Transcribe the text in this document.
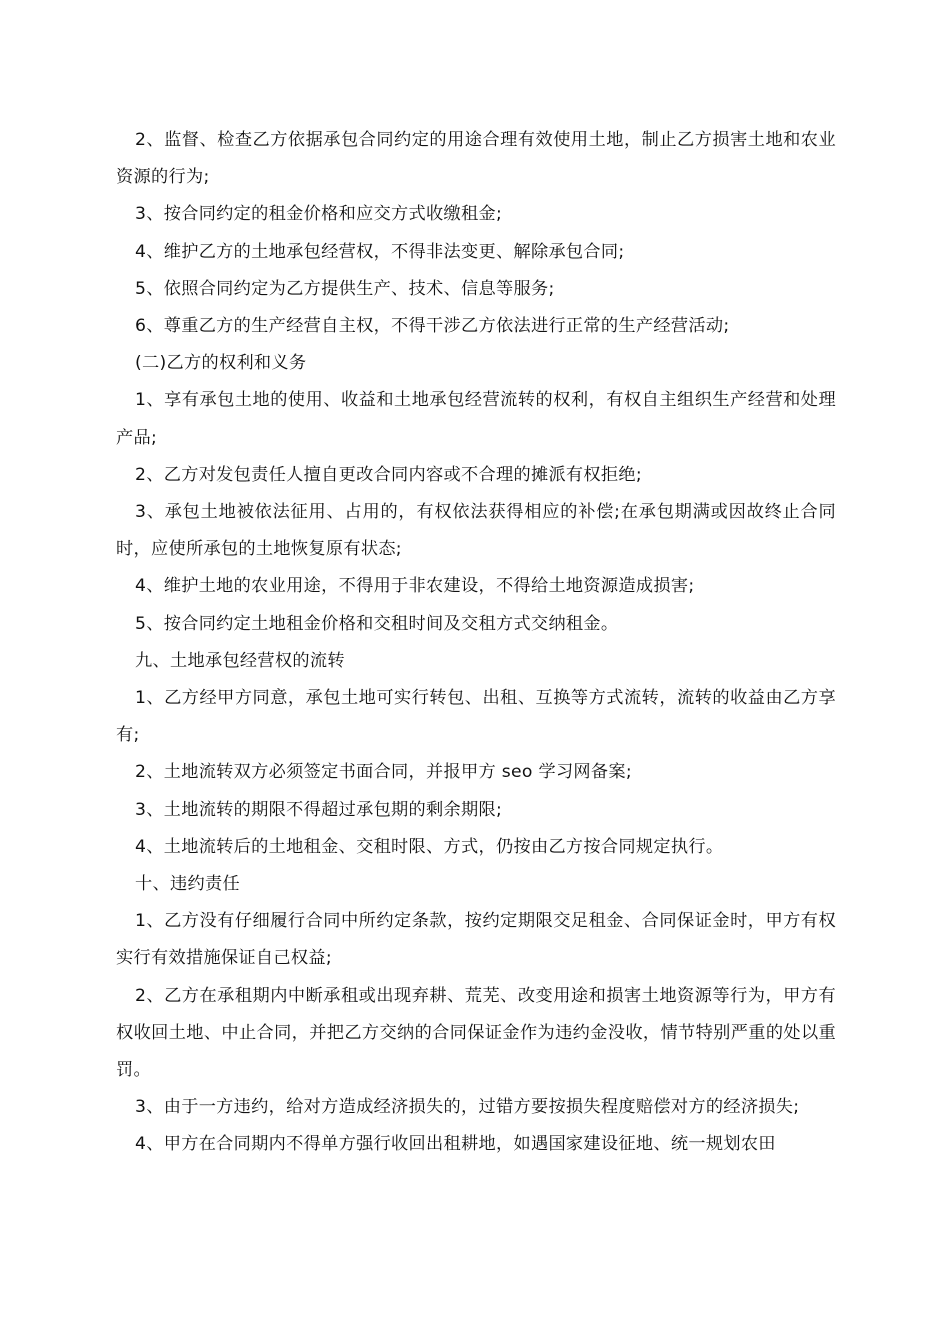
2、监督、检查乙方依据承包合同约定的用途合理有效使用土地，制止乙方损害土地和农业资源的行为;

3、按合同约定的租金价格和应交方式收缴租金;

4、维护乙方的土地承包经营权，不得非法变更、解除承包合同;

5、依照合同约定为乙方提供生产、技术、信息等服务;

6、尊重乙方的生产经营自主权，不得干涉乙方依法进行正常的生产经营活动;

(二)乙方的权利和义务

1、享有承包土地的使用、收益和土地承包经营流转的权利，有权自主组织生产经营和处理产品;

2、乙方对发包责任人擅自更改合同内容或不合理的摊派有权拒绝;

3、承包土地被依法征用、占用的，有权依法获得相应的补偿;在承包期满或因故终止合同时，应使所承包的土地恢复原有状态;

4、维护土地的农业用途，不得用于非农建设，不得给土地资源造成损害;

5、按合同约定土地租金价格和交租时间及交租方式交纳租金。

九、土地承包经营权的流转

1、乙方经甲方同意，承包土地可实行转包、出租、互换等方式流转，流转的收益由乙方享有;

2、土地流转双方必须签定书面合同，并报甲方 seo 学习网备案;

3、土地流转的期限不得超过承包期的剩余期限;

4、土地流转后的土地租金、交租时限、方式，仍按由乙方按合同规定执行。

十、违约责任

1、乙方没有仔细履行合同中所约定条款，按约定期限交足租金、合同保证金时，甲方有权实行有效措施保证自己权益;

2、乙方在承租期内中断承租或出现弃耕、荒芜、改变用途和损害土地资源等行为，甲方有权收回土地、中止合同，并把乙方交纳的合同保证金作为违约金没收，情节特别严重的处以重罚。

3、由于一方违约，给对方造成经济损失的，过错方要按损失程度赔偿对方的经济损失;

4、甲方在合同期内不得单方强行收回出租耕地，如遇国家建设征地、统一规划农田
